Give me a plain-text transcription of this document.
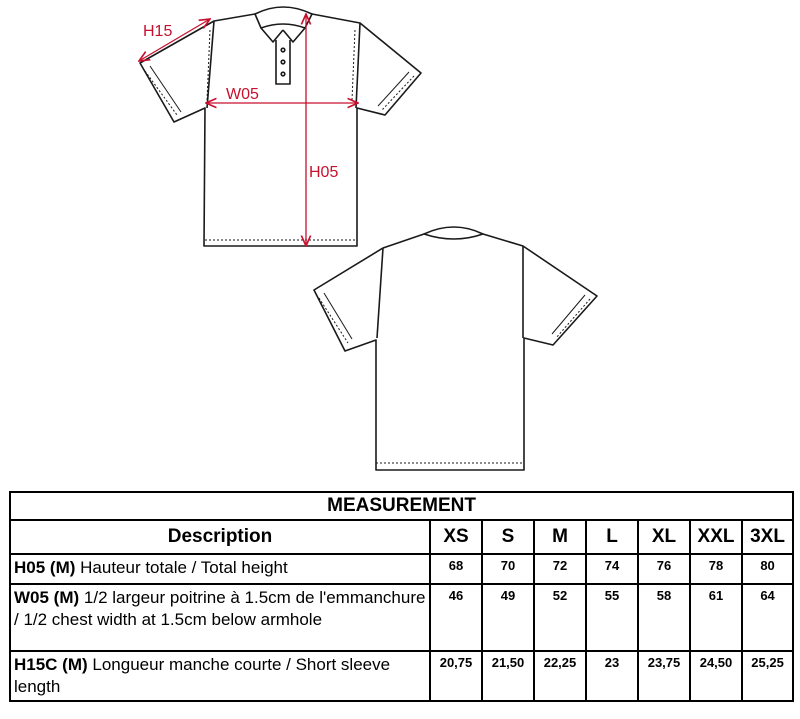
H15
W05
H05
MEASUREMENT							
Description	XS	S	M	L	XL	XXL	3XL
H05 (M) Hauteur totale / Total height	68	70	72	74	76	78	80
W05 (M) 1/2 largeur poitrine à 1.5cm de l'emmanchure / 1/2 chest width at 1.5cm below armhole	46	49	52	55	58	61	64
H15C (M) Longueur manche courte / Short sleeve length	20,75	21,50	22,25	23	23,75	24,50	25,25
